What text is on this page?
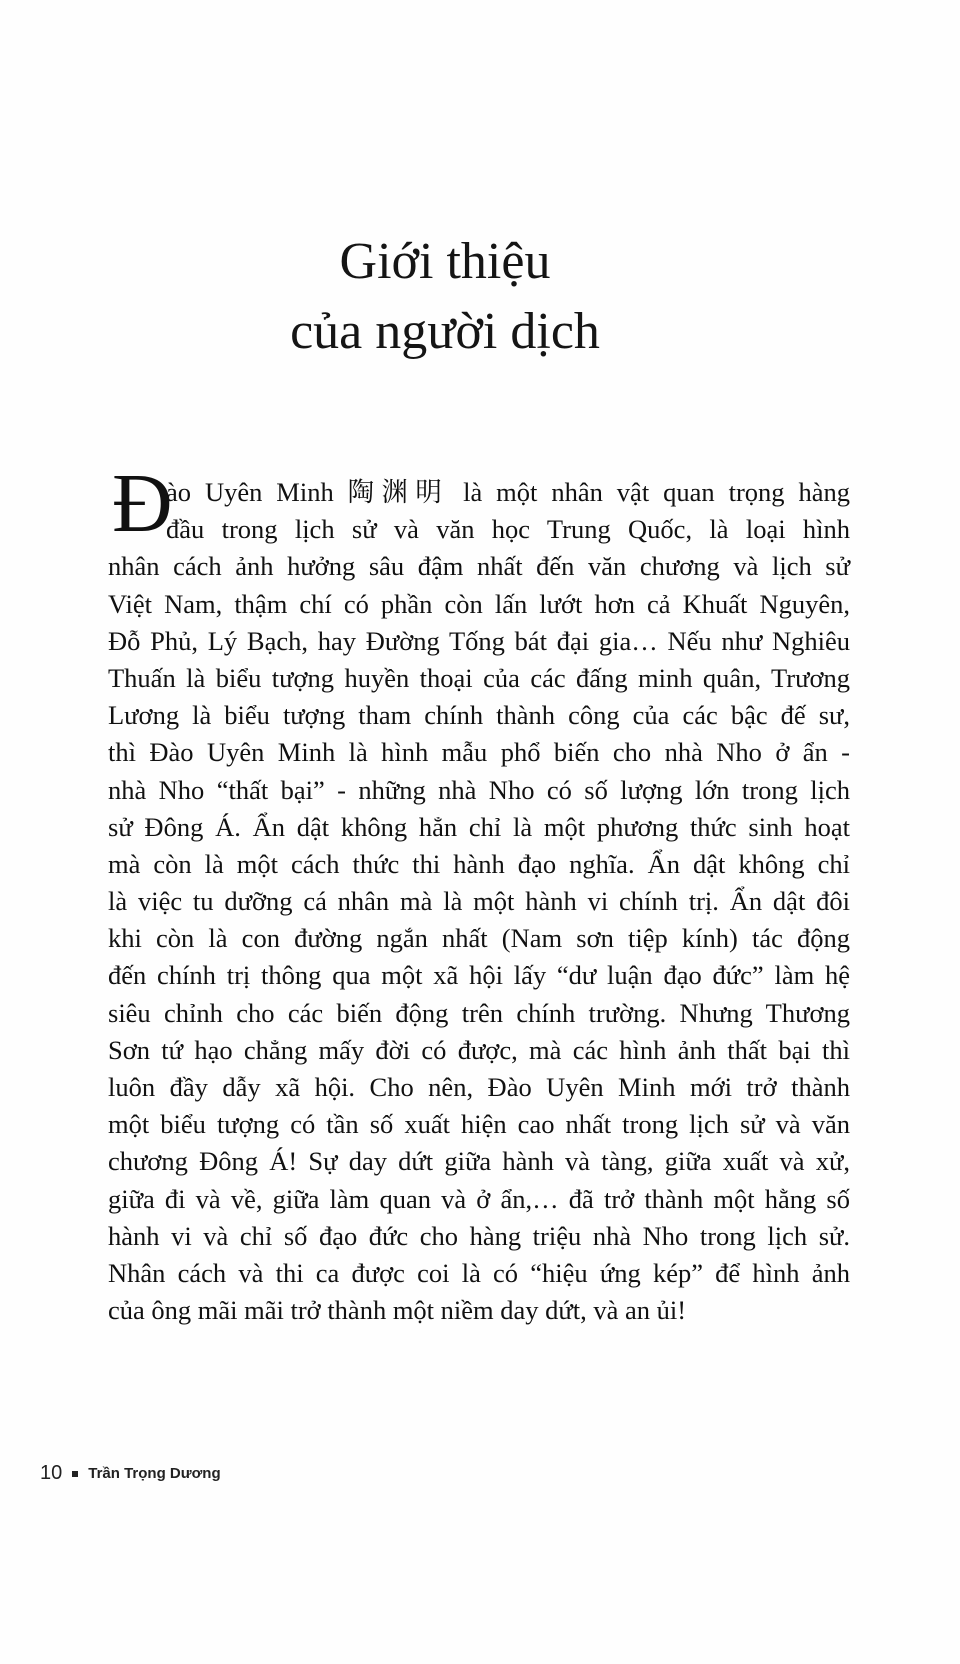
Giới thiệu
của người dịch
Đ
ào Uyên Minh 陶渊明 là một nhân vật quan trọng hàng
đầu trong lịch sử và văn học Trung Quốc, là loại hình
nhân cách ảnh hưởng sâu đậm nhất đến văn chương và lịch sử
Việt Nam, thậm chí có phần còn lấn lướt hơn cả Khuất Nguyên,
Đỗ Phủ, Lý Bạch, hay Đường Tống bát đại gia… Nếu như Nghiêu
Thuấn là biểu tượng huyền thoại của các đấng minh quân, Trương
Lương là biểu tượng tham chính thành công của các bậc đế sư,
thì Đào Uyên Minh là hình mẫu phổ biến cho nhà Nho ở ẩn -
nhà Nho “thất bại” - những nhà Nho có số lượng lớn trong lịch
sử Đông Á. Ẩn dật không hẳn chỉ là một phương thức sinh hoạt
mà còn là một cách thức thi hành đạo nghĩa. Ẩn dật không chỉ
là việc tu dưỡng cá nhân mà là một hành vi chính trị. Ẩn dật đôi
khi còn là con đường ngắn nhất (Nam sơn tiệp kính) tác động
đến chính trị thông qua một xã hội lấy “dư luận đạo đức” làm hệ
siêu chỉnh cho các biến động trên chính trường. Nhưng Thương
Sơn tứ hạo chẳng mấy đời có được, mà các hình ảnh thất bại thì
luôn đầy dẫy xã hội. Cho nên, Đào Uyên Minh mới trở thành
một biểu tượng có tần số xuất hiện cao nhất trong lịch sử và văn
chương Đông Á! Sự day dứt giữa hành và tàng, giữa xuất và xử,
giữa đi và về, giữa làm quan và ở ẩn,… đã trở thành một hằng số
hành vi và chỉ số đạo đức cho hàng triệu nhà Nho trong lịch sử.
Nhân cách và thi ca được coi là có “hiệu ứng kép” để hình ảnh
của ông mãi mãi trở thành một niềm day dứt, và an ủi!
10 Trần Trọng Dương
